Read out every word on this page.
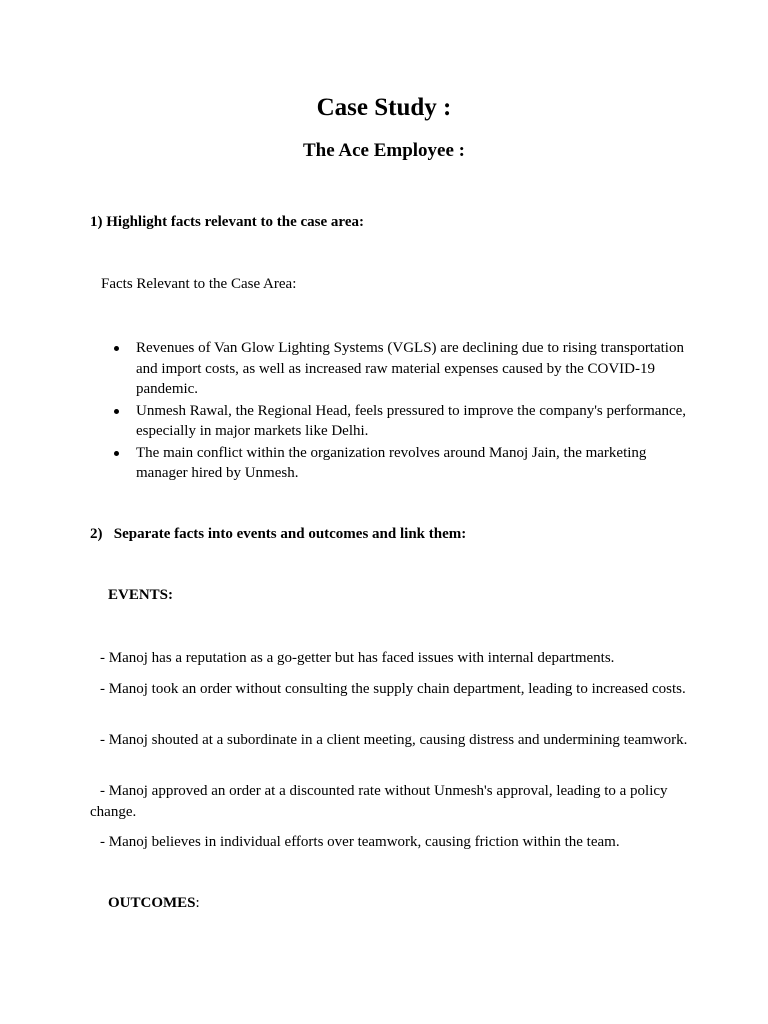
Case Study :
The Ace Employee :
1) Highlight facts relevant to the case area:
Facts Relevant to the Case Area:
Revenues of Van Glow Lighting Systems (VGLS) are declining due to rising transportation and import costs, as well as increased raw material expenses caused by the COVID-19 pandemic.
Unmesh Rawal, the Regional Head, feels pressured to improve the company's performance, especially in major markets like Delhi.
The main conflict within the organization revolves around Manoj Jain, the marketing manager hired by Unmesh.
2)   Separate facts into events and outcomes and link them:
EVENTS:
- Manoj has a reputation as a go-getter but has faced issues with internal departments.
- Manoj took an order without consulting the supply chain department, leading to increased costs.
- Manoj shouted at a subordinate in a client meeting, causing distress and undermining teamwork.
- Manoj approved an order at a discounted rate without Unmesh's approval, leading to a policy change.
- Manoj believes in individual efforts over teamwork, causing friction within the team.
OUTCOMES:
